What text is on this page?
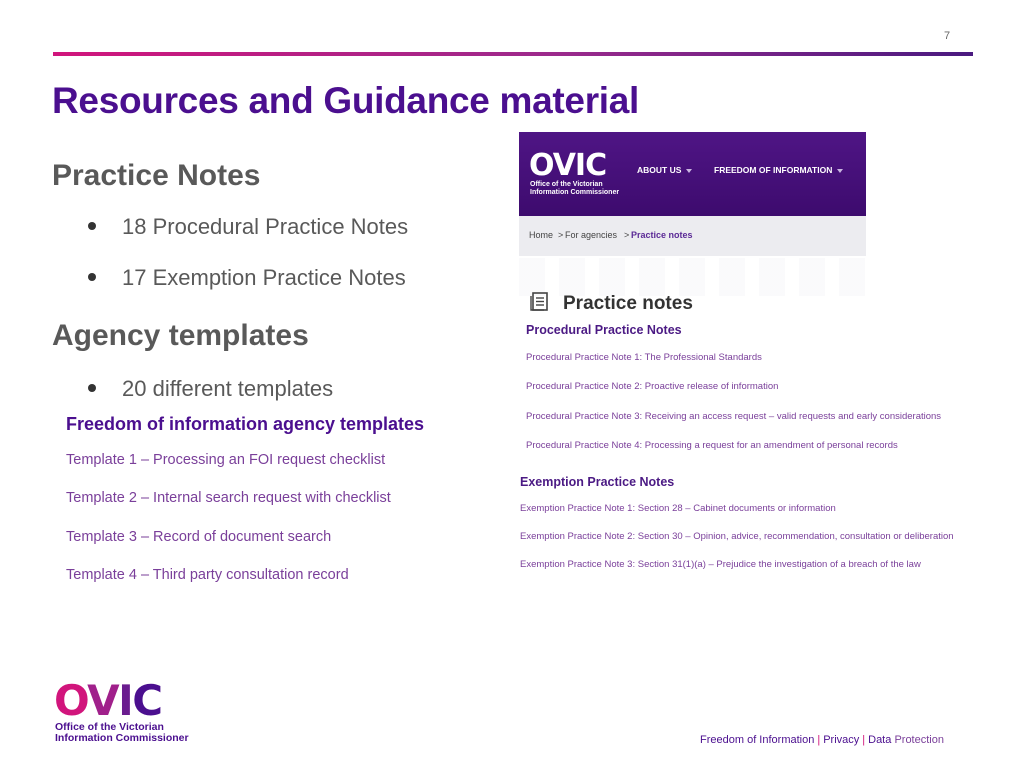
7
Resources and Guidance material
Practice Notes
18 Procedural Practice Notes
17 Exemption Practice Notes
Agency templates
20 different templates
Freedom of information agency templates
Template 1 – Processing an FOI request checklist
Template 2 – Internal search request with checklist
Template 3 – Record of document search
Template 4 – Third party consultation record
OVIC
Office of the Victorian
Information Commissioner
ABOUT US	FREEDOM OF INFORMATION
Home > For agencies > Practice notes
Practice notes
Procedural Practice Notes
Procedural Practice Note 1: The Professional Standards
Procedural Practice Note 2: Proactive release of information
Procedural Practice Note 3: Receiving an access request – valid requests and early considerations
Procedural Practice Note 4: Processing a request for an amendment of personal records
Exemption Practice Notes
Exemption Practice Note 1: Section 28 – Cabinet documents or information
Exemption Practice Note 2: Section 30 – Opinion, advice, recommendation, consultation or deliberation
Exemption Practice Note 3: Section 31(1)(a) – Prejudice the investigation of a breach of the law
OVIC
Office of the Victorian
Information Commissioner	Freedom of Information | Privacy | Data Protection
